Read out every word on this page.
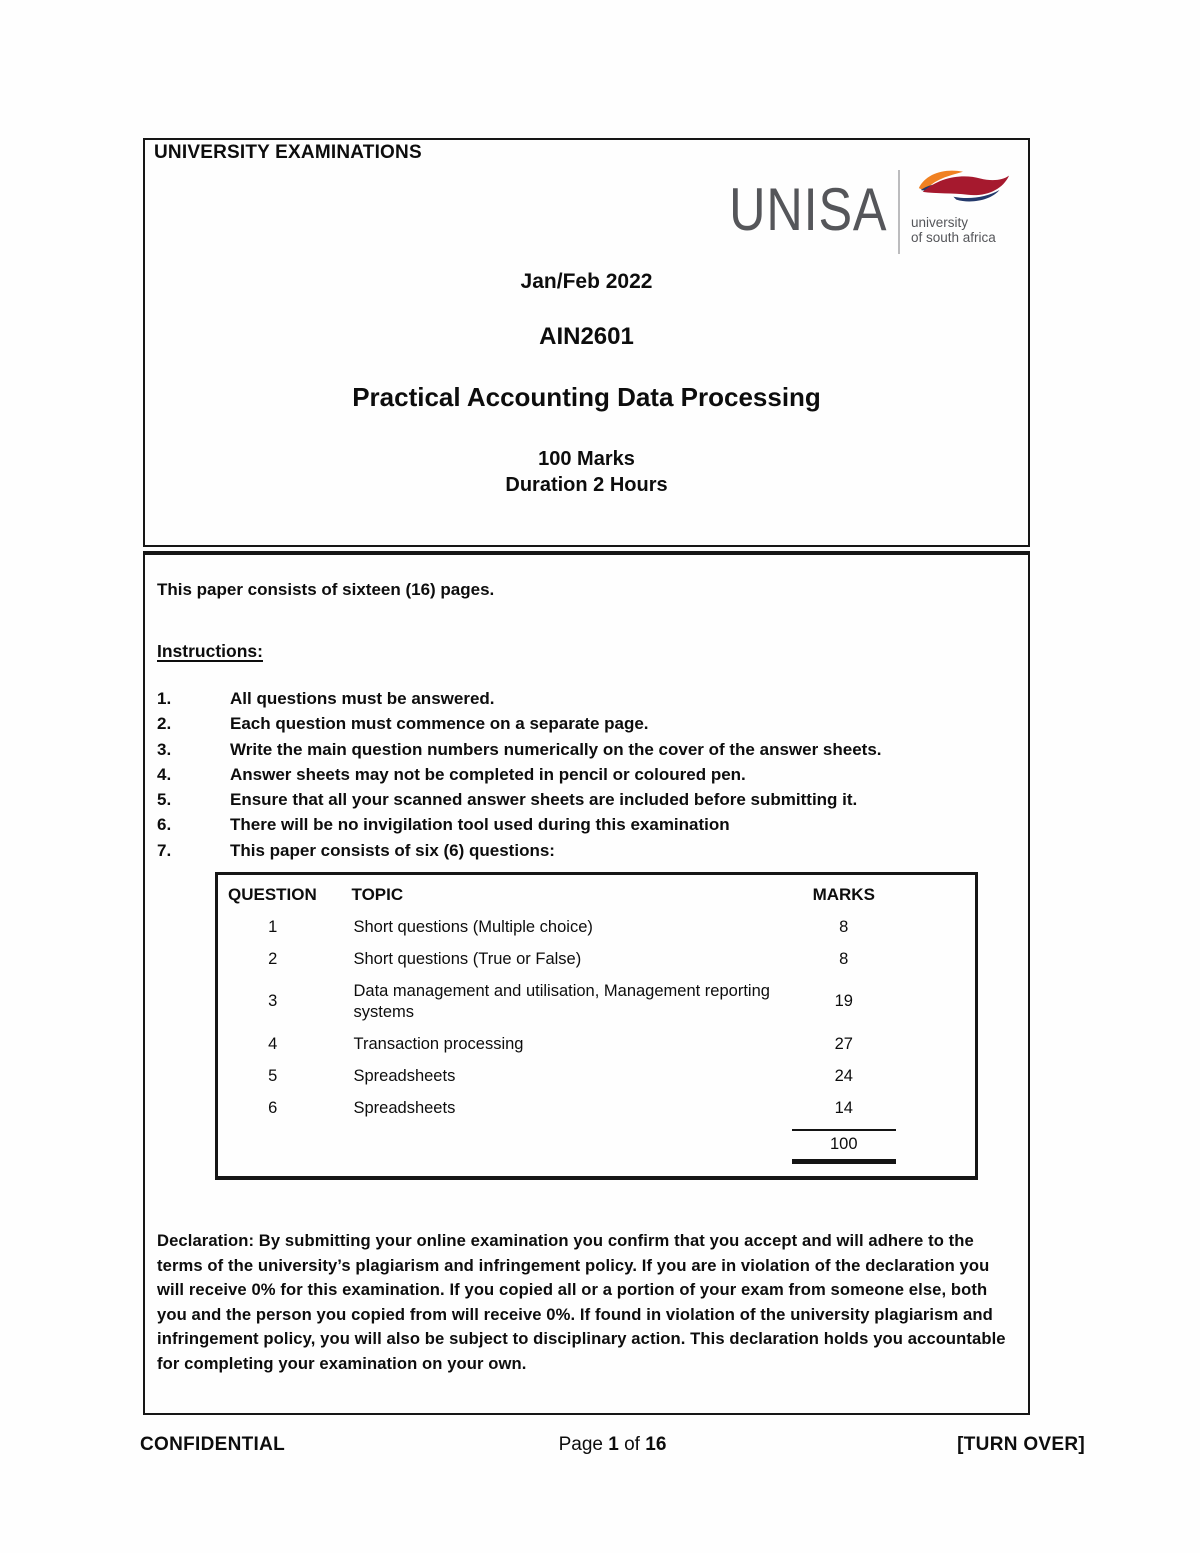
UNIVERSITY EXAMINATIONS
UNISA university
of south africa
Jan/Feb 2022
AIN2601
Practical Accounting Data Processing
100 Marks
Duration 2 Hours
This paper consists of sixteen (16) pages.
Instructions:
1.	All questions must be answered.
2.	Each question must commence on a separate page.
3.	Write the main question numbers numerically on the cover of the answer sheets.
4.	Answer sheets may not be completed in pencil or coloured pen.
5.	Ensure that all your scanned answer sheets are included before submitting it.
6.	There will be no invigilation tool used during this examination
7.	This paper consists of six (6) questions:
QUESTION	TOPIC	MARKS
1	Short questions (Multiple choice)	8
2	Short questions (True or False)	8
3	Data management and utilisation, Management reporting systems	19
4	Transaction processing	27
5	Spreadsheets	24
6	Spreadsheets	14

		100
Declaration: By submitting your online examination you confirm that you accept and will adhere to the terms of the university’s plagiarism and infringement policy. If you are in violation of the declaration you will receive 0% for this examination. If you copied all or a portion of your exam from someone else, both you and the person you copied from will receive 0%. If found in violation of the university plagiarism and infringement policy, you will also be subject to disciplinary action. This declaration holds you accountable for completing your examination on your own.
CONFIDENTIAL	Page 1 of 16	[TURN OVER]
